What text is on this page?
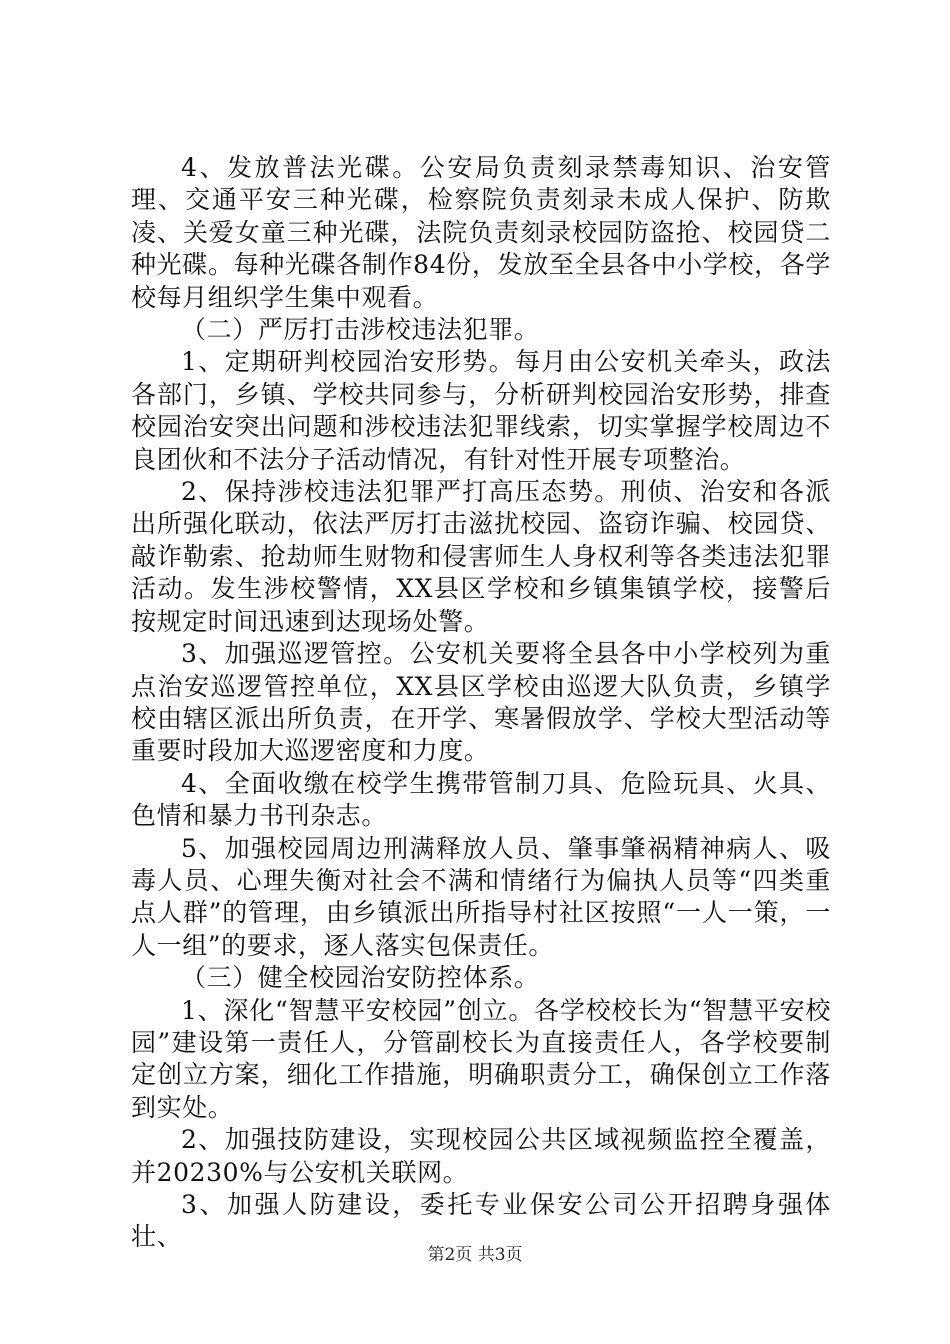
4、发放普法光碟。公安局负责刻录禁毒知识、治安管理、交通平安三种光碟，检察院负责刻录未成人保护、防欺凌、关爱女童三种光碟，法院负责刻录校园防盗抢、校园贷二种光碟。每种光碟各制作84份，发放至全县各中小学校，各学校每月组织学生集中观看。

（二）严厉打击涉校违法犯罪。

1、定期研判校园治安形势。每月由公安机关牵头，政法各部门，乡镇、学校共同参与，分析研判校园治安形势，排查校园治安突出问题和涉校违法犯罪线索，切实掌握学校周边不良团伙和不法分子活动情况，有针对性开展专项整治。

2、保持涉校违法犯罪严打高压态势。刑侦、治安和各派出所强化联动，依法严厉打击滋扰校园、盗窃诈骗、校园贷、敲诈勒索、抢劫师生财物和侵害师生人身权利等各类违法犯罪活动。发生涉校警情，XX县区学校和乡镇集镇学校，接警后按规定时间迅速到达现场处警。

3、加强巡逻管控。公安机关要将全县各中小学校列为重点治安巡逻管控单位，XX县区学校由巡逻大队负责，乡镇学校由辖区派出所负责，在开学、寒暑假放学、学校大型活动等重要时段加大巡逻密度和力度。

4、全面收缴在校学生携带管制刀具、危险玩具、火具、色情和暴力书刊杂志。

5、加强校园周边刑满释放人员、肇事肇祸精神病人、吸毒人员、心理失衡对社会不满和情绪行为偏执人员等“四类重点人群”的管理，由乡镇派出所指导村社区按照“一人一策，一人一组”的要求，逐人落实包保责任。

（三）健全校园治安防控体系。

1、深化“智慧平安校园”创立。各学校校长为“智慧平安校园”建设第一责任人，分管副校长为直接责任人，各学校要制定创立方案，细化工作措施，明确职责分工，确保创立工作落到实处。

2、加强技防建设，实现校园公共区域视频监控全覆盖，并20230%与公安机关联网。

3、加强人防建设，委托专业保安公司公开招聘身强体壮、

第2页 共3页
